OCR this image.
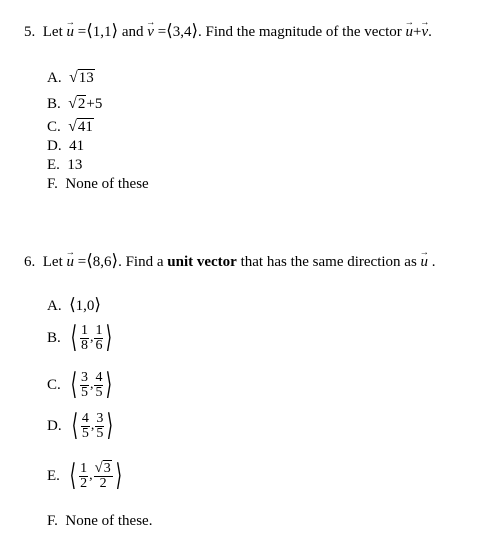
5. Let → u =⟨1,1⟩ and → v =⟨3,4⟩. Find the magnitude of the vector → u+→ v.
A. √13
B. √2+5
C. √41
D. 41
E. 13
F. None of these
6. Let → u =⟨8,6⟩. Find a unit vector that has the same direction as → u .
A. ⟨1,0⟩
B. ⟨ $\frac{1}{8}$ , $\frac{1}{6}$ ⟩
C. ⟨ $\frac{3}{5}$ , $\frac{4}{5}$ ⟩
D. ⟨ $\frac{4}{5}$ , $\frac{3}{5}$ ⟩
E. ⟨ $\frac{1}{2}$ , $\frac{√3}{2}$ ⟩
F. None of these.
